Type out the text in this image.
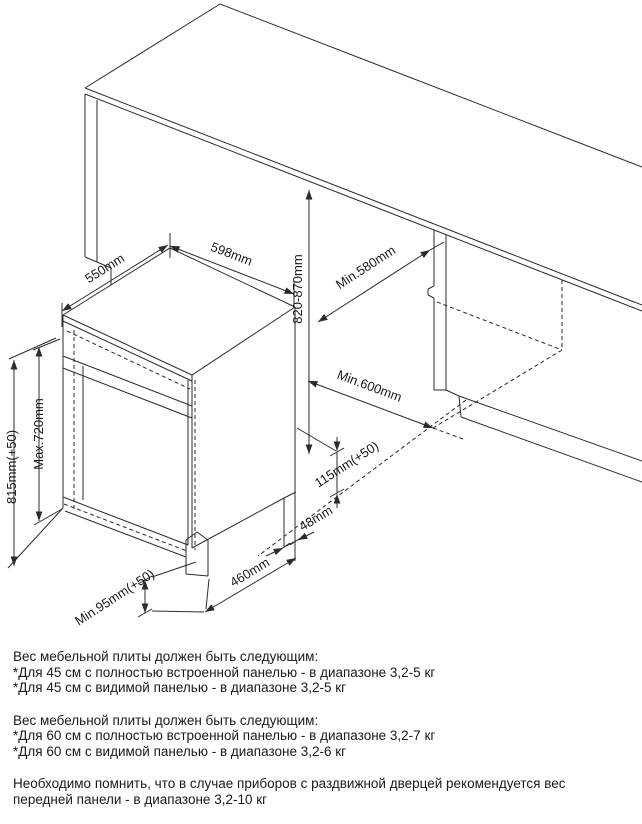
550mm	598mm
820-870mm Min.580mm
Min.600mm
815mm(+50) Max.720mm
Min.95mm(+50)	460mm
48mm
115mm(+50)
Вес мебельной плиты должен быть следующим:
*Для 45 см с полностью встроенной панелью - в диапазоне 3,2-5 кг
*Для 45 см с видимой панелью - в диапазоне 3,2-5 кг
Вес мебельной плиты должен быть следующим:
*Для 60 см с полностью встроенной панелью - в диапазоне 3,2-7 кг
*Для 60 см с видимой панелью - в диапазоне 3,2-6 кг
Необходимо помнить, что в случае приборов с раздвижной дверцей рекомендуется вес
передней панели - в диапазоне 3,2-10 кг
